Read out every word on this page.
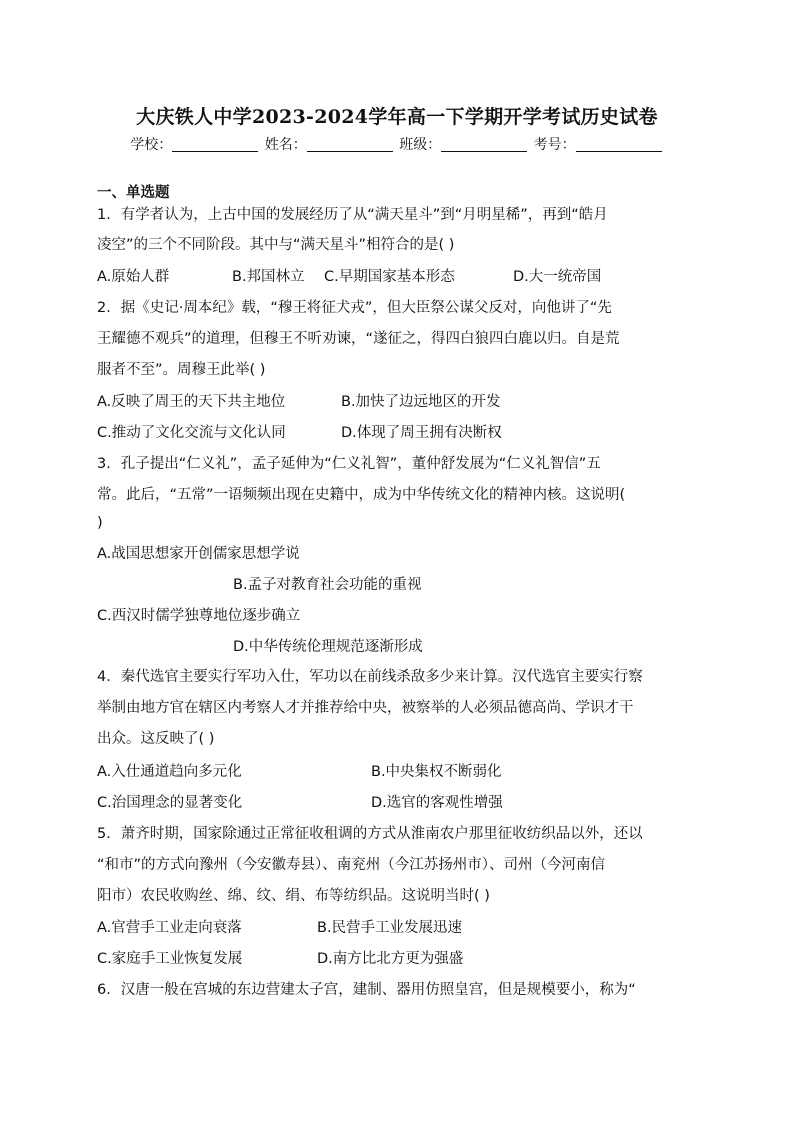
大庆铁人中学2023-2024学年高一下学期开学考试历史试卷
学校：	姓名：	班级：	考号：
一、单选题
1．有学者认为，上古中国的发展经历了从“满天星斗”到“月明星稀”，再到“皓月
凌空”的三个不同阶段。其中与“满天星斗”相符合的是( )
A.原始人群	B.邦国林立 C.早期国家基本形态	D.大一统帝国
2．据《史记·周本纪》载，“穆王将征犬戎”，但大臣祭公谋父反对，向他讲了“先
王耀德不观兵”的道理，但穆王不听劝谏，“遂征之，得四白狼四白鹿以归。自是荒
服者不至”。周穆王此举( )
A.反映了周王的天下共主地位	B.加快了边远地区的开发
C.推动了文化交流与文化认同	D.体现了周王拥有决断权
3．孔子提出“仁义礼”，孟子延伸为“仁义礼智”，董仲舒发展为“仁义礼智信”五
常。此后，“五常”一语频频出现在史籍中，成为中华传统文化的精神内核。这说明(
)
A.战国思想家开创儒家思想学说
B.孟子对教育社会功能的重视
C.西汉时儒学独尊地位逐步确立
D.中华传统伦理规范逐渐形成
4．秦代选官主要实行军功入仕，军功以在前线杀敌多少来计算。汉代选官主要实行察
举制由地方官在辖区内考察人才并推荐给中央，被察举的人必须品德高尚、学识才干
出众。这反映了( )
A.入仕通道趋向多元化	B.中央集权不断弱化
C.治国理念的显著变化	D.选官的客观性增强
5．萧齐时期，国家除通过正常征收租调的方式从淮南农户那里征收纺织品以外，还以
“和市”的方式向豫州（今安徽寿县）、南兖州（今江苏扬州市）、司州（今河南信
阳市）农民收购丝、绵、纹、绢、布等纺织品。这说明当时( )
A.官营手工业走向衰落	B.民营手工业发展迅速
C.家庭手工业恢复发展	D.南方比北方更为强盛
6．汉唐一般在宫城的东边营建太子宫，建制、器用仿照皇宫，但是规模要小，称为“
